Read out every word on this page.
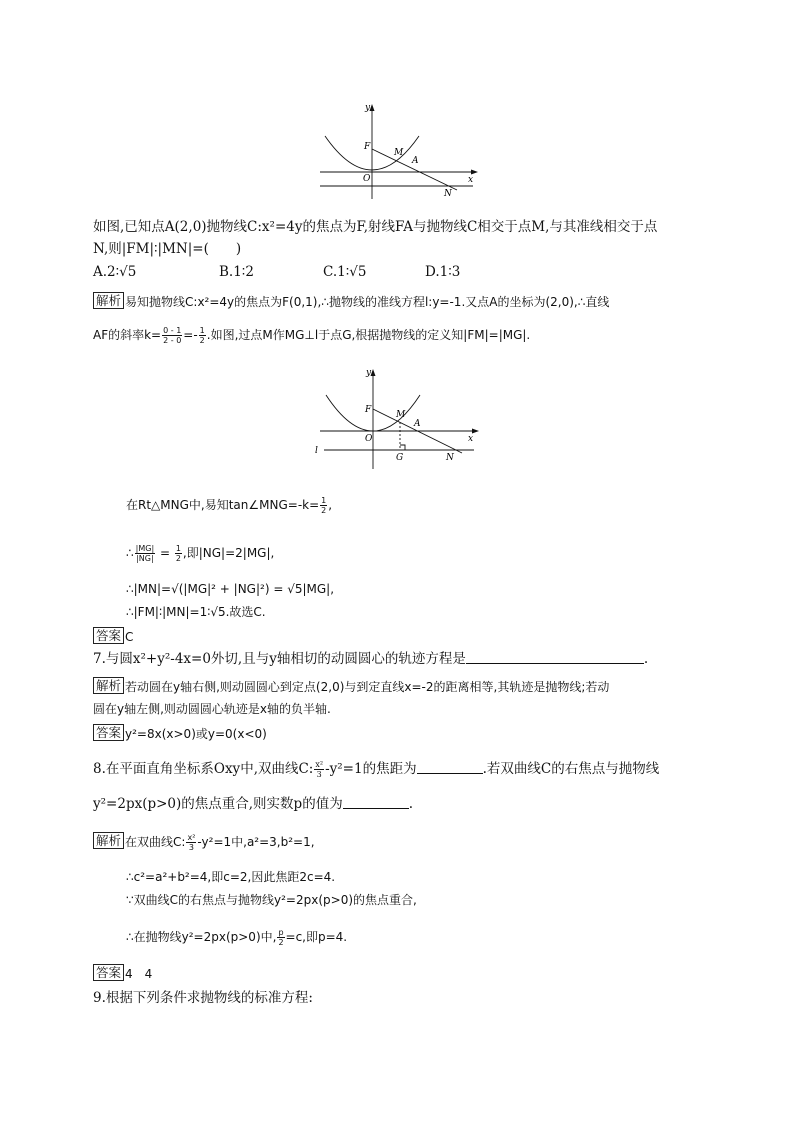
y
x
F
M
A
O
N
如图,已知点A(2,0)抛物线C:x²=4y的焦点为F,射线FA与抛物线C相交于点M,与其准线相交于点
N,则|FM|∶|MN|=(　　)
A.2∶√5	B.1∶2	C.1∶√5	D.1∶3
解析 易知抛物线C:x²=4y的焦点为F(0,1),∴抛物线的准线方程l:y=-1.又点A的坐标为(2,0),∴直线
AF的斜率$k= \frac{0 - 1}{2 - 0} =- \frac{1}{2}$ .如图,过点M作MG⊥l于点G,根据抛物线的定义知|FM|=|MG|.
y
x
F	M
A
O
N
G
l
在Rt△MNG中,易知tan∠MNG=-k= $\frac{1}{2}$ ,
∴ $\frac{|MG|}{|NG|} = \frac{1}{2}$ ,即|NG|=2|MG|,
∴|MN|=√(|MG|² + |NG|²) = √5|MG|,
∴|FM|∶|MN|=1∶√5.故选C.
答案 C
7.与圆x²+y²-4x=0外切,且与y轴相切的动圆圆心的轨迹方程是	.
解析 若动圆在y轴右侧,则动圆圆心到定点(2,0)与到定直线x=-2的距离相等,其轨迹是抛物线;若动
圆在y轴左侧,则动圆圆心轨迹是x轴的负半轴.
答案 y²=8x(x>0)或y=0(x<0)
8.在平面直角坐标系Oxy中,双曲线C: $\frac{\text{x²}}{3} -y^2=1$的焦距为	.若双曲线C的右焦点与抛物线
y²=2px(p>0)的焦点重合,则实数p的值为	.
解析 在双曲线C: $\frac{\text{x²}}{3} -y^2=1$中,a²=3,b²=1,
∴c²=a²+b²=4,即c=2,因此焦距2c=4.
∵双曲线C的右焦点与抛物线y²=2px(p>0)的焦点重合,
∴在抛物线y²=2px(p>0)中, $\frac{p}{2} =c$,即p=4.
答案 4　4
9.根据下列条件求抛物线的标准方程:
